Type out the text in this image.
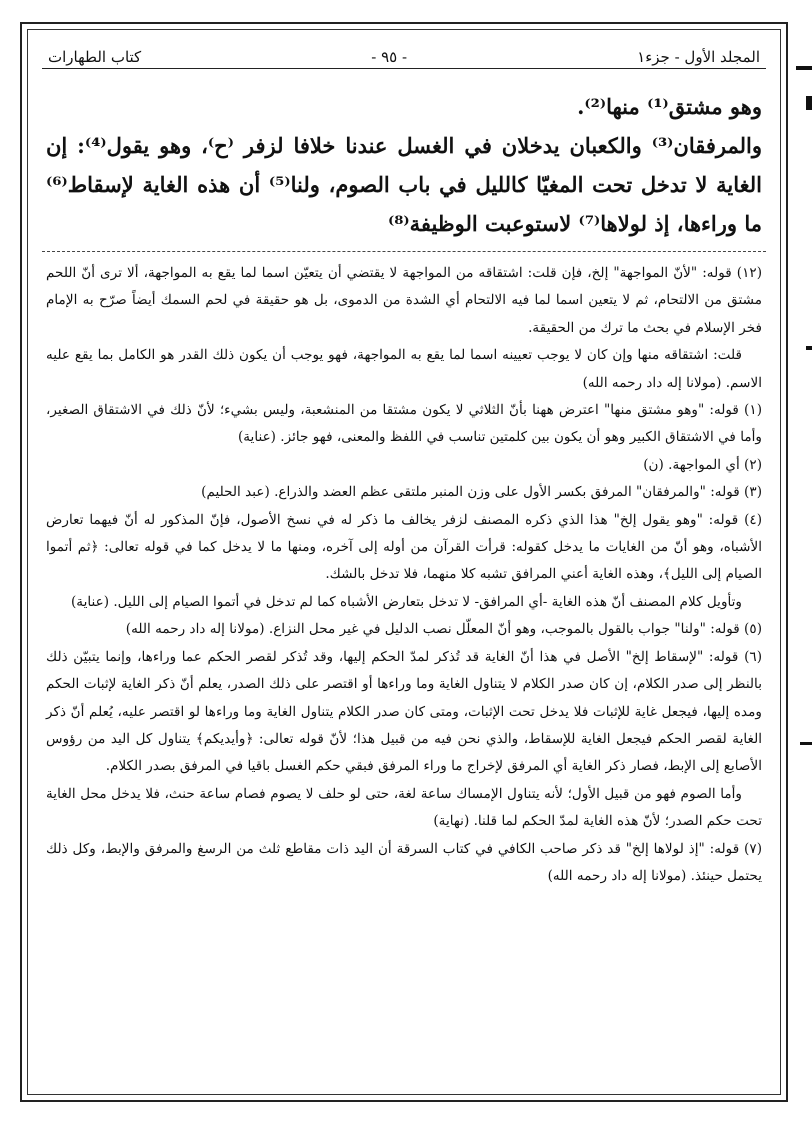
المجلد الأول - جزء١
- ٩٥ -
كتاب الطهارات

وهو مشتق⁽¹⁾ منها⁽²⁾.

والمرفقان⁽³⁾ والكعبان يدخلان في الغسل عندنا خلافا لزفر ⁽ح⁾، وهو يقول⁽⁴⁾: إن الغاية لا تدخل تحت المغيّا كالليل في باب الصوم، ولنا⁽⁵⁾ أن هذه الغاية لإسقاط⁽⁶⁾ ما وراءها، إذ لولاها⁽⁷⁾ لاستوعبت الوظيفة⁽⁸⁾

(١٢) قوله: "لأنّ المواجهة" إلخ، فإن قلت: اشتقاقه من المواجهة لا يقتضي أن يتعيّن اسما لما يقع به المواجهة، ألا ترى أنّ اللحم مشتق من الالتحام، ثم لا يتعين اسما لما فيه الالتحام أي الشدة من الدموى، بل هو حقيقة في لحم السمك أيضاً صرّح به الإمام فخر الإسلام في بحث ما ترك من الحقيقة.

قلت: اشتقاقه منها وإن كان لا يوجب تعيينه اسما لما يقع به المواجهة، فهو يوجب أن يكون ذلك القدر هو الكامل بما يقع عليه الاسم. (مولانا إله داد رحمه الله)

(١) قوله: "وهو مشتق منها" اعترض ههنا بأنّ الثلاثي لا يكون مشتقا من المنشعبة، وليس بشيء؛ لأنّ ذلك في الاشتقاق الصغير، وأما في الاشتقاق الكبير وهو أن يكون بين كلمتين تناسب في اللفظ والمعنى، فهو جائز. (عناية)

(٢) أي المواجهة. (ن)

(٣) قوله: "والمرفقان" المرفق بكسر الأول على وزن المنبر ملتقى عظم العضد والذراع. (عبد الحليم)

(٤) قوله: "وهو يقول إلخ" هذا الذي ذكره المصنف لزفر يخالف ما ذكر له في نسخ الأصول، فإنّ المذكور له أنّ فيهما تعارض الأشباه، وهو أنّ من الغايات ما يدخل كقوله: قرأت القرآن من أوله إلى آخره، ومنها ما لا يدخل كما في قوله تعالى: ﴿ثم أتموا الصيام إلى الليل﴾، وهذه الغاية أعني المرافق تشبه كلا منهما، فلا تدخل بالشك.

وتأويل كلام المصنف أنّ هذه الغاية -أي المرافق- لا تدخل بتعارض الأشباه كما لم تدخل في أتموا الصيام إلى الليل. (عناية)

(٥) قوله: "ولنا" جواب بالقول بالموجب، وهو أنّ المعلّل نصب الدليل في غير محل النزاع. (مولانا إله داد رحمه الله)

(٦) قوله: "لإسقاط إلخ" الأصل في هذا أنّ الغاية قد تُذكر لمدّ الحكم إليها، وقد تُذكر لقصر الحكم عما وراءها، وإنما يتبيّن ذلك بالنظر إلى صدر الكلام، إن كان صدر الكلام لا يتناول الغاية وما وراءها أو اقتصر على ذلك الصدر، يعلم أنّ ذكر الغاية لإثبات الحكم ومده إليها، فيجعل غاية للإثبات فلا يدخل تحت الإثبات، ومتى كان صدر الكلام يتناول الغاية وما وراءها لو اقتصر عليه، يُعلم أنّ ذكر الغاية لقصر الحكم فيجعل الغاية للإسقاط، والذي نحن فيه من قبيل هذا؛ لأنّ قوله تعالى: ﴿وأيديكم﴾ يتناول كل اليد من رؤوس الأصابع إلى الإبط، فصار ذكر الغاية أي المرفق لإخراج ما وراء المرفق فبقي حكم الغسل باقيا في المرفق بصدر الكلام.

وأما الصوم فهو من قبيل الأول؛ لأنه يتناول الإمساك ساعة لغة، حتى لو حلف لا يصوم فصام ساعة حنث، فلا يدخل محل الغاية تحت حكم الصدر؛ لأنّ هذه الغاية لمدّ الحكم لما قلنا. (نهاية)

(٧) قوله: "إذ لولاها إلخ" قد ذكر صاحب الكافي في كتاب السرقة أن اليد ذات مقاطع ثلث من الرسغ والمرفق والإبط، وكل ذلك يحتمل حينئذ. (مولانا إله داد رحمه الله)
